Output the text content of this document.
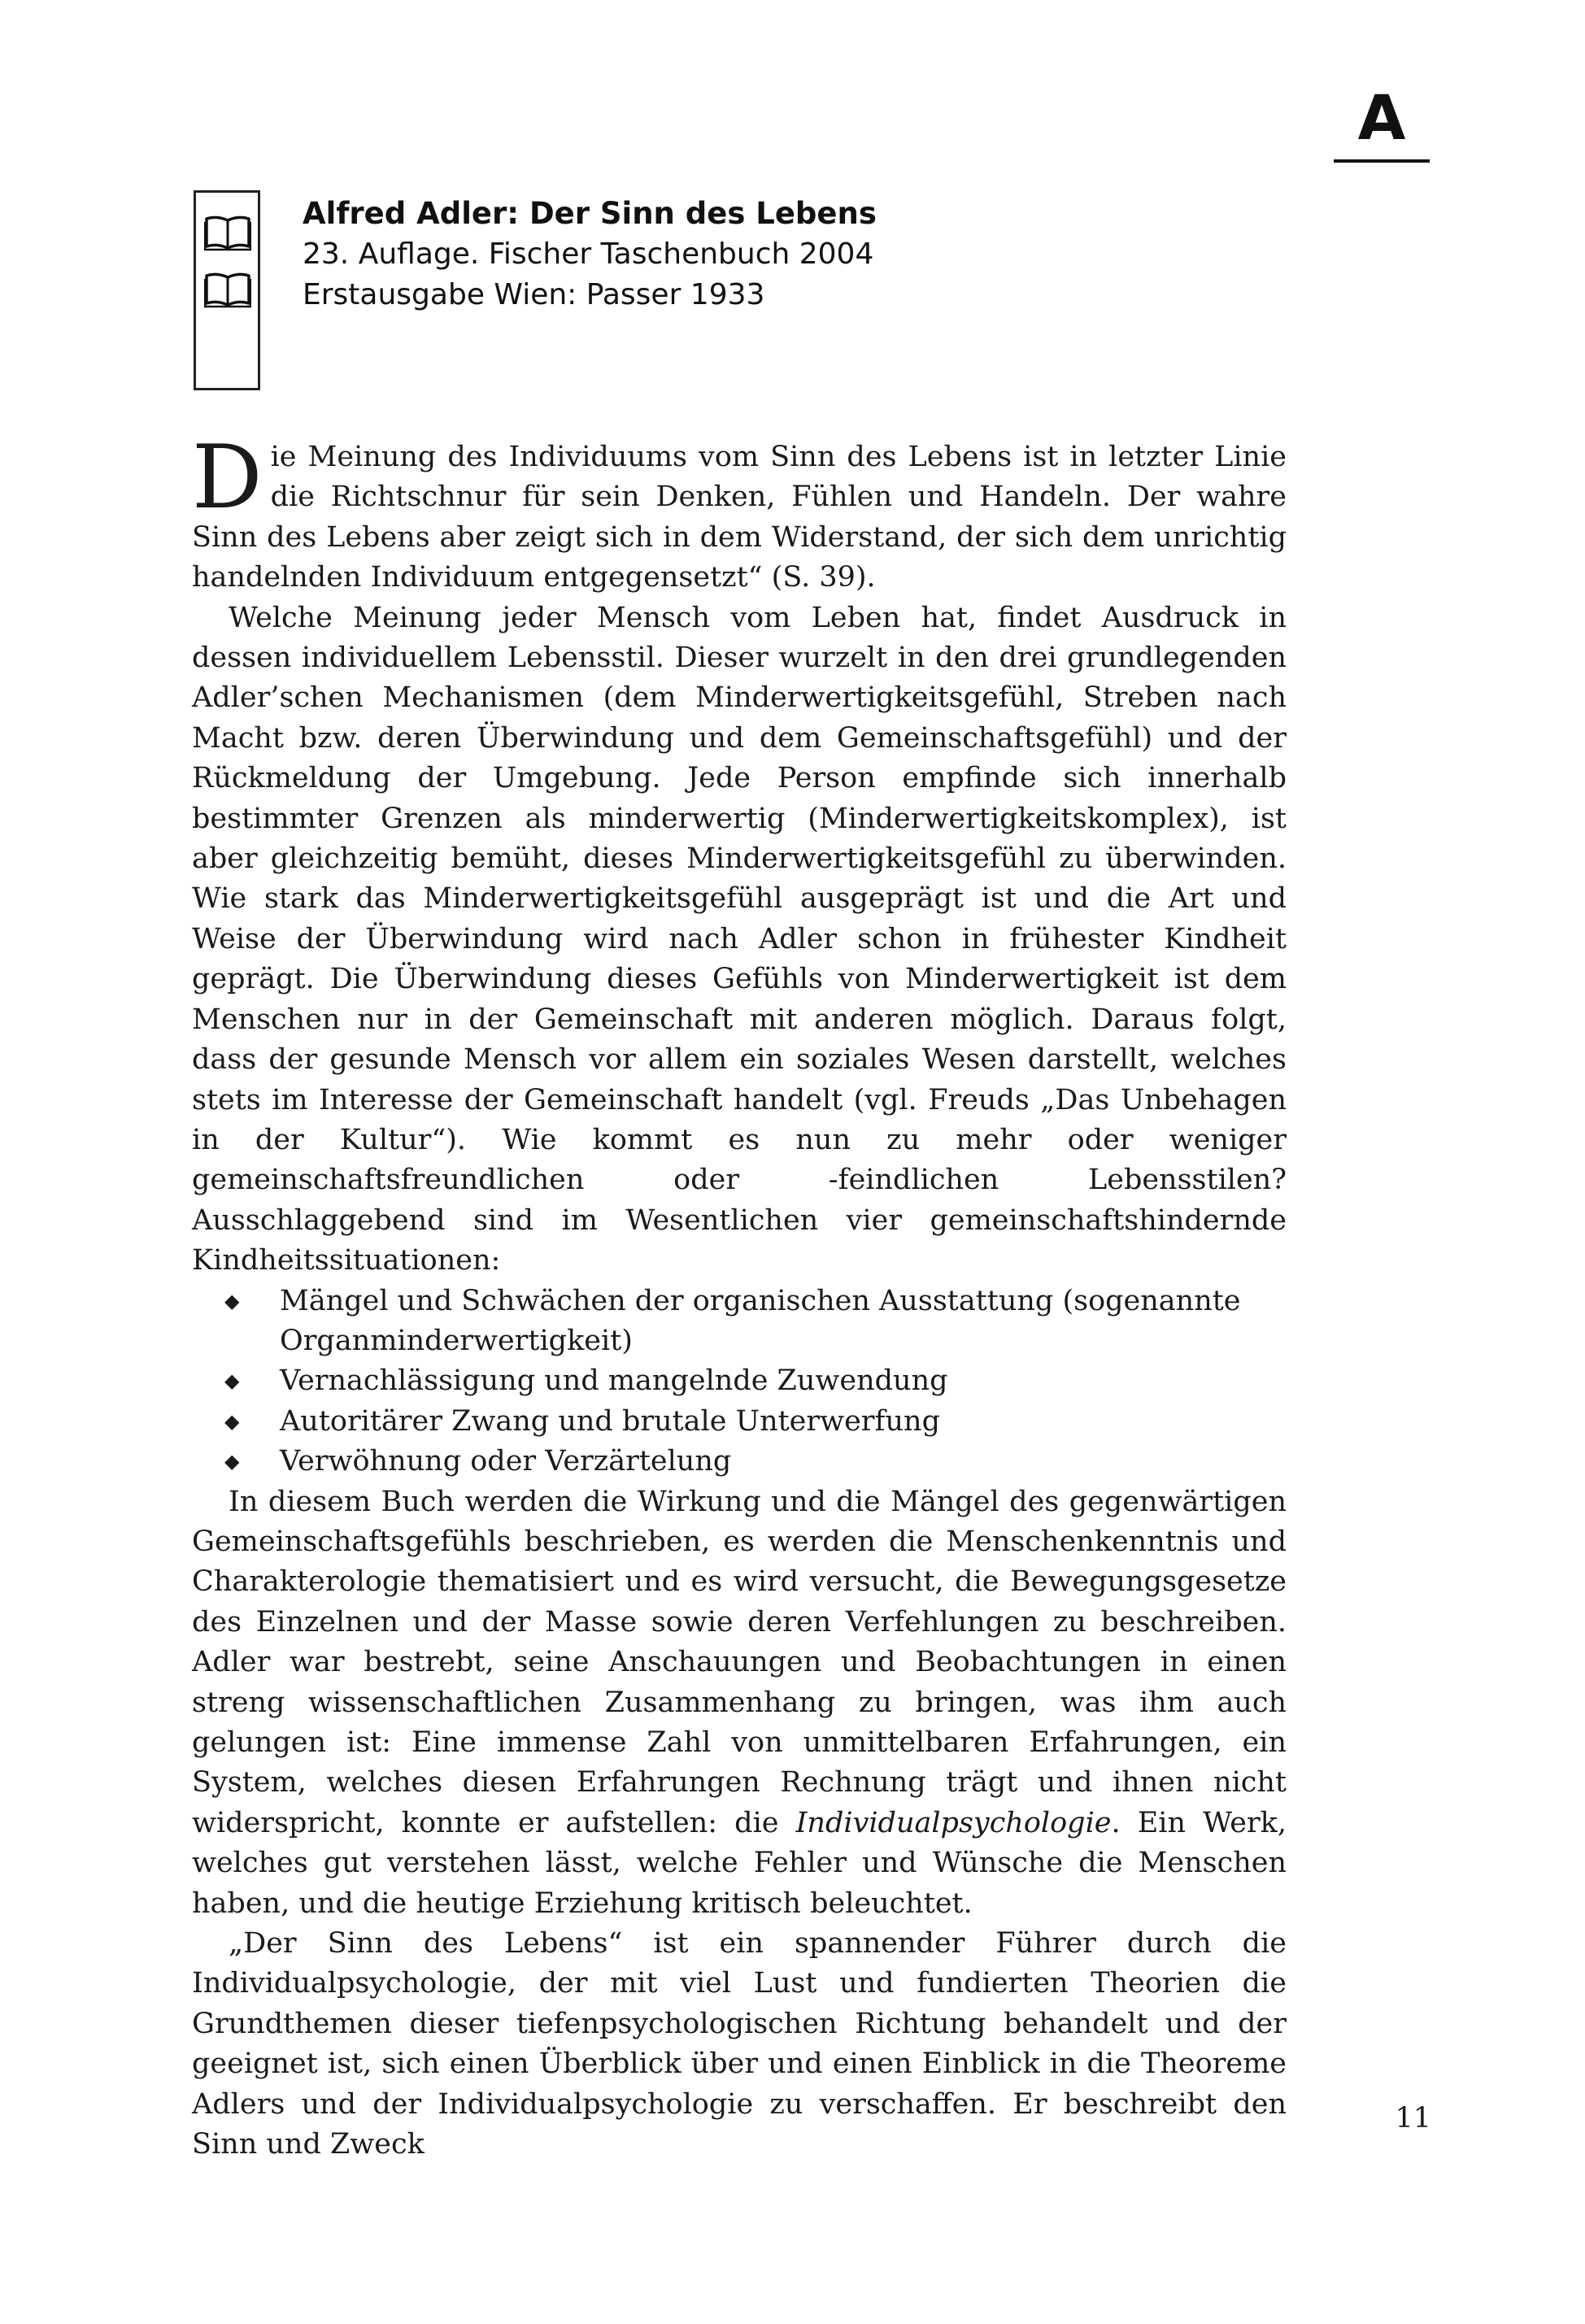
A
Alfred Adler: Der Sinn des Lebens
23. Auflage. Fischer Taschenbuch 2004
Erstausgabe Wien: Passer 1933

Die Meinung des Individuums vom Sinn des Lebens ist in letzter Linie die Richtschnur für sein Denken, Fühlen und Handeln. Der wahre Sinn des Lebens aber zeigt sich in dem Widerstand, der sich dem unrichtig handelnden Individuum entgegensetzt“ (S. 39).

Welche Meinung jeder Mensch vom Leben hat, findet Ausdruck in dessen individuellem Lebensstil. Dieser wurzelt in den drei grundlegenden Adler’schen Mechanismen (dem Minderwertigkeitsgefühl, Streben nach Macht bzw. deren Überwindung und dem Gemeinschaftsgefühl) und der Rückmeldung der Umgebung. Jede Person empfinde sich innerhalb bestimmter Grenzen als minderwertig (Minderwertigkeitskomplex), ist aber gleichzeitig bemüht, dieses Minderwertigkeitsgefühl zu überwinden. Wie stark das Minderwertigkeitsgefühl ausgeprägt ist und die Art und Weise der Überwindung wird nach Adler schon in frühester Kindheit geprägt. Die Überwindung dieses Gefühls von Minderwertigkeit ist dem Menschen nur in der Gemeinschaft mit anderen möglich. Daraus folgt, dass der gesunde Mensch vor allem ein soziales Wesen darstellt, welches stets im Interesse der Gemeinschaft handelt (vgl. Freuds „Das Unbehagen in der Kultur“). Wie kommt es nun zu mehr oder weniger gemeinschaftsfreundlichen oder -feindlichen Lebensstilen? Ausschlaggebend sind im Wesentlichen vier gemeinschaftshindernde Kindheitssituationen:

◆ Mängel und Schwächen der organischen Ausstattung (sogenannte Organminderwertigkeit)
◆ Vernachlässigung und mangelnde Zuwendung
◆ Autoritärer Zwang und brutale Unterwerfung
◆ Verwöhnung oder Verzärtelung

In diesem Buch werden die Wirkung und die Mängel des gegenwärtigen Gemeinschaftsgefühls beschrieben, es werden die Menschenkenntnis und Charakterologie thematisiert und es wird versucht, die Bewegungsgesetze des Einzelnen und der Masse sowie deren Verfehlungen zu beschreiben. Adler war bestrebt, seine Anschauungen und Beobachtungen in einen streng wissenschaftlichen Zusammenhang zu bringen, was ihm auch gelungen ist: Eine immense Zahl von unmittelbaren Erfahrungen, ein System, welches diesen Erfahrungen Rechnung trägt und ihnen nicht widerspricht, konnte er aufstellen: die Individualpsychologie. Ein Werk, welches gut verstehen lässt, welche Fehler und Wünsche die Menschen haben, und die heutige Erziehung kritisch beleuchtet.

„Der Sinn des Lebens“ ist ein spannender Führer durch die Individualpsychologie, der mit viel Lust und fundierten Theorien die Grundthemen dieser tiefenpsychologischen Richtung behandelt und der geeignet ist, sich einen Überblick über und einen Einblick in die Theoreme Adlers und der Individualpsychologie zu verschaffen. Er beschreibt den Sinn und Zweck

11
